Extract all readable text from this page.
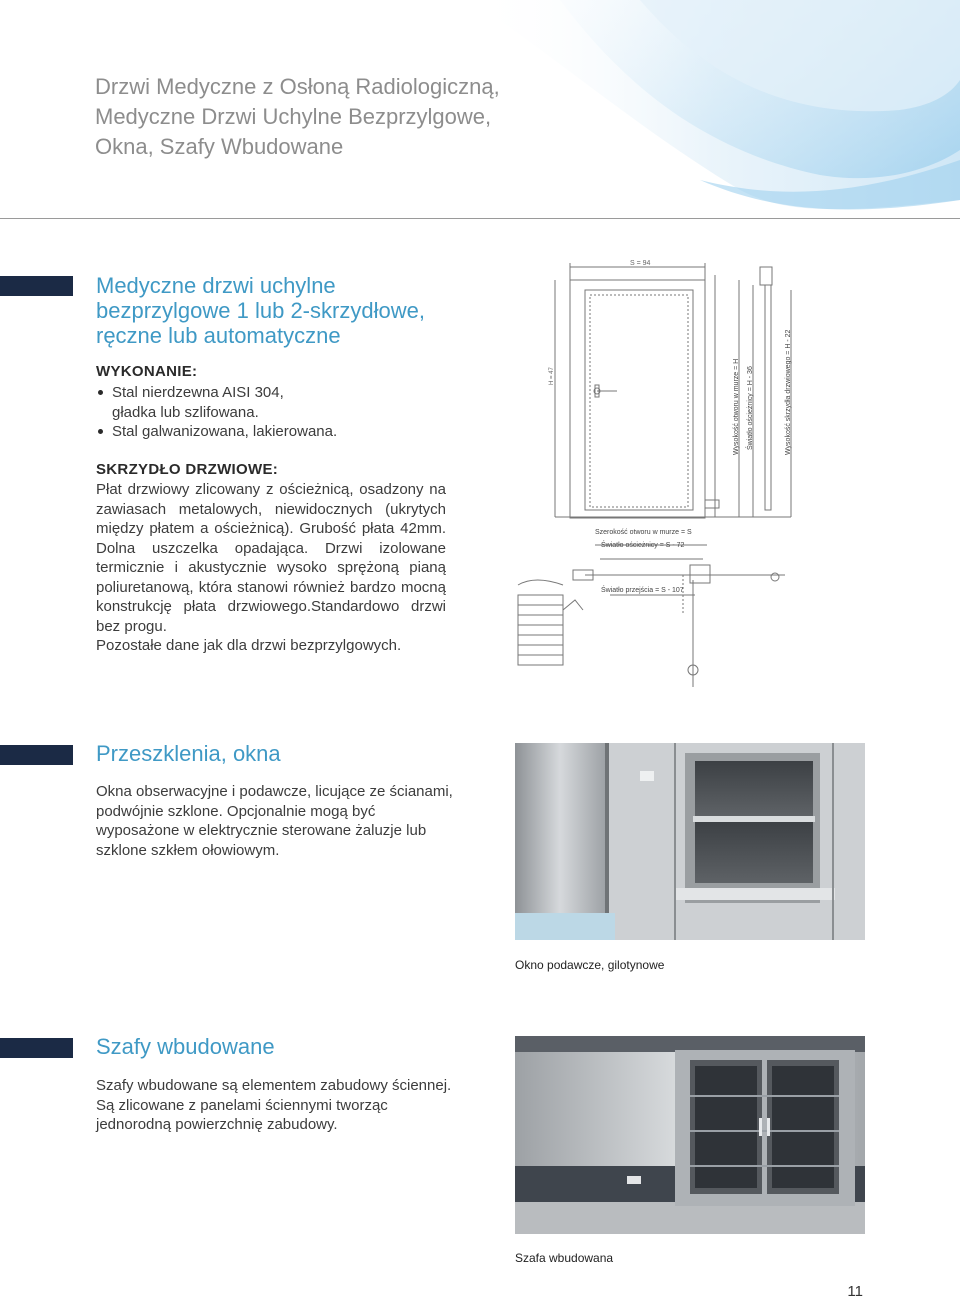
Drzwi Medyczne z Osłoną Radiologiczną,
Medyczne Drzwi Uchylne Bezprzylgowe,
Okna, Szafy Wbudowane
Medyczne drzwi uchylne
bezprzylgowe 1 lub 2-skrzydłowe,
ręczne lub automatyczne
WYKONANIE:
Stal nierdzewna AISI 304,
gładka lub szlifowana.
Stal galwanizowana, lakierowana.
SKRZYDŁO DRZWIOWE:
Płat drzwiowy zlicowany z ościeżnicą, osadzony na zawiasach metalowych, niewidocznych (ukrytych między płatem a ościeżnicą). Grubość płata 42mm. Dolna uszczelka opadająca. Drzwi izolowane termicznie i akustycznie wysoko sprężoną pianą poliuretanową, która stanowi również bardzo mocną konstrukcję płata drzwiowego.Standardowo drzwi bez progu.
Pozostałe dane jak dla drzwi bezprzylgowych.
S = 94
H = 47	Wysokość otworu w murze = H Światło ościeżnicy = H - 36	Wysokość skrzydła drzwiowego = H - 22
Szerokość otworu w murze = S
Światło ościeżnicy = S - 72
Światło przejścia = S - 107
Przeszklenia, okna
Okna obserwacyjne i podawcze, licujące ze ścianami, podwójnie szklone. Opcjonalnie mogą być wyposażone w elektrycznie sterowane żaluzje lub szklone szkłem ołowiowym.
Okno podawcze, gilotynowe
Szafy wbudowane
Szafy wbudowane są elementem zabudowy ściennej. Są zlicowane z panelami ściennymi tworząc jednorodną powierzchnię zabudowy.
Szafa wbudowana
11
